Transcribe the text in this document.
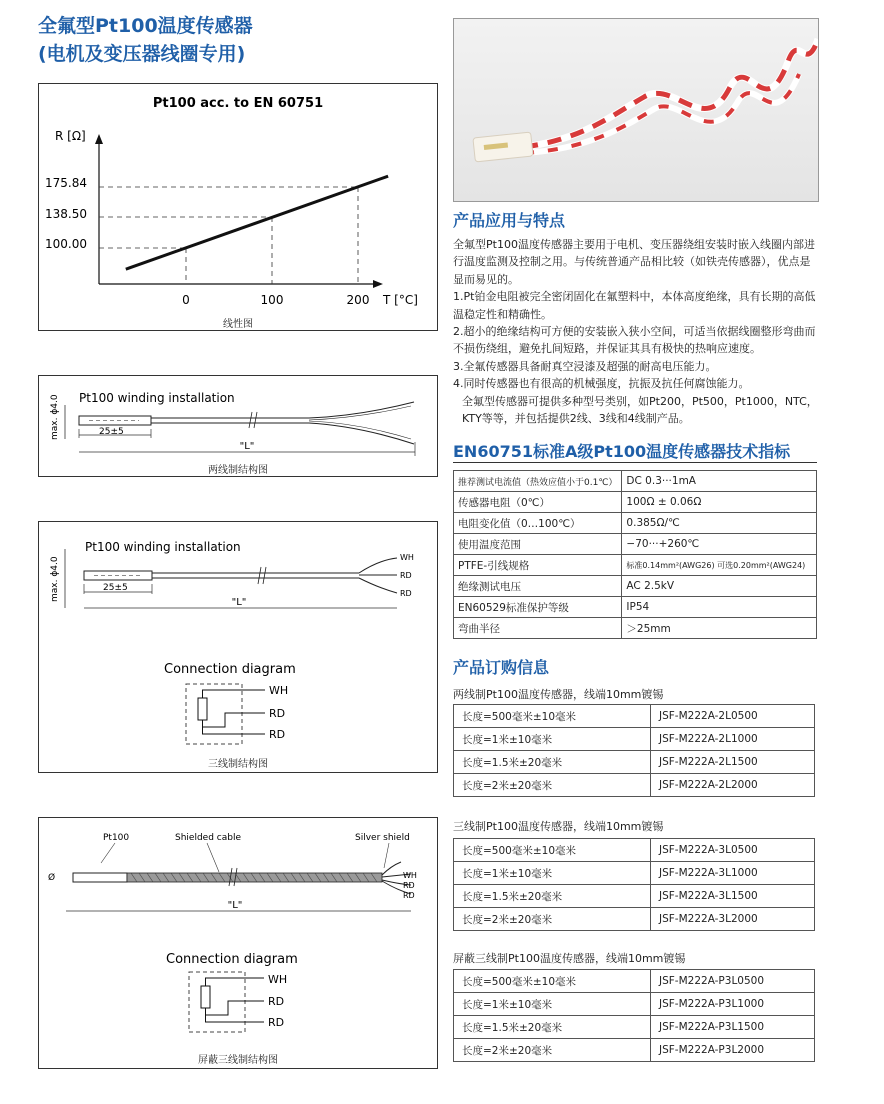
全氟型Pt100温度传感器
(电机及变压器线圈专用)
Pt100 acc. to EN 60751
R [Ω]
T [°C]
175.84
138.50
100.00
0	100	200
线性图
Pt100 winding installation
max. ϕ4.0	25±5
"L"
两线制结构图
Pt100 winding installation
max. ϕ4.0	WH
RD
RD
25±5
"L"
Connection diagram
WH
RD
RD
三线制结构图
Pt100	Shielded cable	Silver shield
Ø	WH
RD
RD
"L"
Connection diagram
WH
RD
RD
屏蔽三线制结构图
产品应用与特点

全氟型Pt100温度传感器主要用于电机、变压器绕组安装时嵌入线圈内部进行温度监测及控制之用。与传统普通产品相比较（如铁壳传感器），优点是显而易见的。

1.Pt铂金电阻被完全密闭固化在氟塑料中，本体高度绝缘，具有长期的高低温稳定性和精确性。

2.超小的绝缘结构可方便的安装嵌入狭小空间，可适当依据线圈整形弯曲而不损伤绕组，避免扎间短路，并保证其具有极快的热响应速度。

3.全氟传感器具备耐真空浸漆及超强的耐高电压能力。

4.同时传感器也有很高的机械强度，抗振及抗任何腐蚀能力。

全氟型传感器可提供多种型号类别，如Pt200，Pt500，Pt1000，NTC，KTY等等，并包括提供2线、3线和4线制产品。

EN60751标准A级Pt100温度传感器技术指标
推荐测试电流值（热效应值小于0.1℃）	DC 0.3···1mA
传感器电阻（0℃）	100Ω ± 0.06Ω
电阻变化值（0…100℃）	0.385Ω/℃
使用温度范围	−70···+260℃
PTFE-引线规格	标准0.14mm²(AWG26) 可选0.20mm²(AWG24)
绝缘测试电压	AC 2.5kV
EN60529标准保护等级	IP54
弯曲半径	＞25mm
产品订购信息
两线制Pt100温度传感器，线端10mm镀锡
长度=500毫米±10毫米	JSF-M222A-2L0500
长度=1米±10毫米	JSF-M222A-2L1000
长度=1.5米±20毫米	JSF-M222A-2L1500
长度=2米±20毫米	JSF-M222A-2L2000
三线制Pt100温度传感器，线端10mm镀锡
长度=500毫米±10毫米	JSF-M222A-3L0500
长度=1米±10毫米	JSF-M222A-3L1000
长度=1.5米±20毫米	JSF-M222A-3L1500
长度=2米±20毫米	JSF-M222A-3L2000
屏蔽三线制Pt100温度传感器，线端10mm镀锡
长度=500毫米±10毫米	JSF-M222A-P3L0500
长度=1米±10毫米	JSF-M222A-P3L1000
长度=1.5米±20毫米	JSF-M222A-P3L1500
长度=2米±20毫米	JSF-M222A-P3L2000
